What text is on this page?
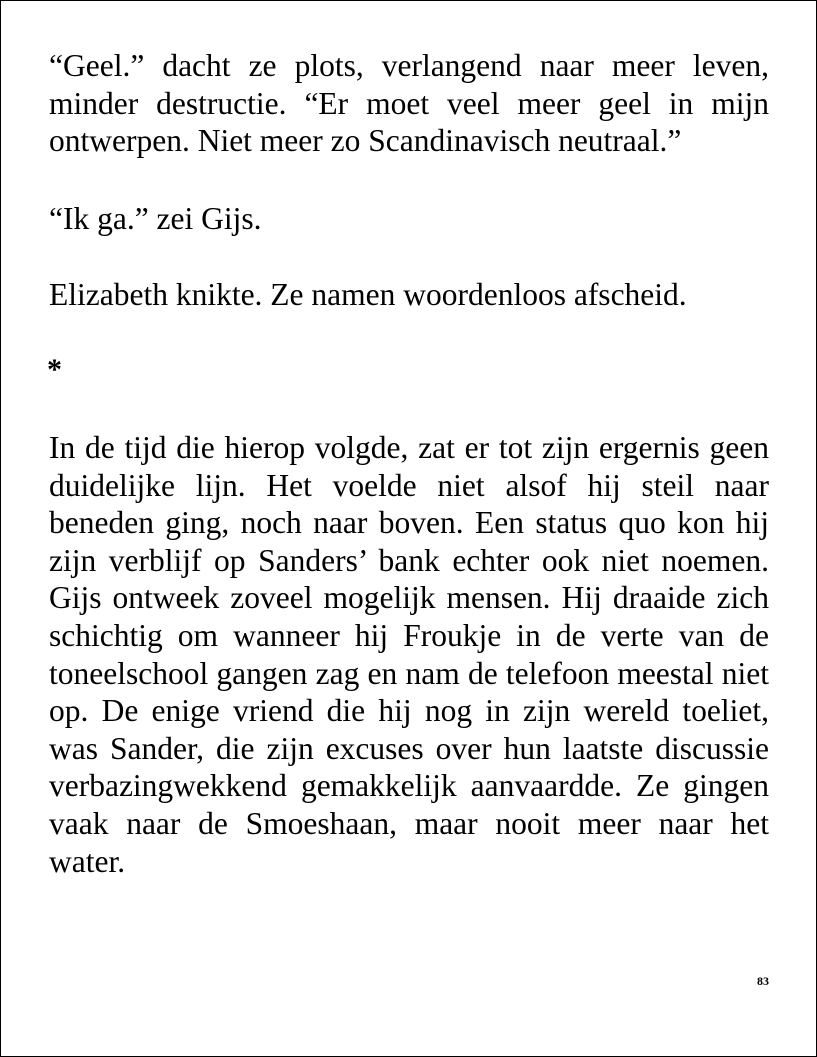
“Geel.” dacht ze plots, verlangend naar meer leven, minder destructie. “Er moet veel meer geel in mijn ontwerpen. Niet meer zo Scandinavisch neutraal.”

“Ik ga.” zei Gijs.

Elizabeth knikte. Ze namen woordenloos afscheid.

*

In de tijd die hierop volgde, zat er tot zijn ergernis geen duidelijke lijn. Het voelde niet alsof hij steil naar beneden ging, noch naar boven. Een status quo kon hij zijn verblijf op Sanders’ bank echter ook niet noemen. Gijs ontweek zoveel mogelijk mensen. Hij draaide zich schichtig om wanneer hij Froukje in de verte van de toneelschool gangen zag en nam de telefoon meestal niet op. De enige vriend die hij nog in zijn wereld toeliet, was Sander, die zijn excuses over hun laatste discussie verbazingwekkend gemakkelijk aanvaardde. Ze gingen vaak naar de Smoeshaan, maar nooit meer naar het water.

83
